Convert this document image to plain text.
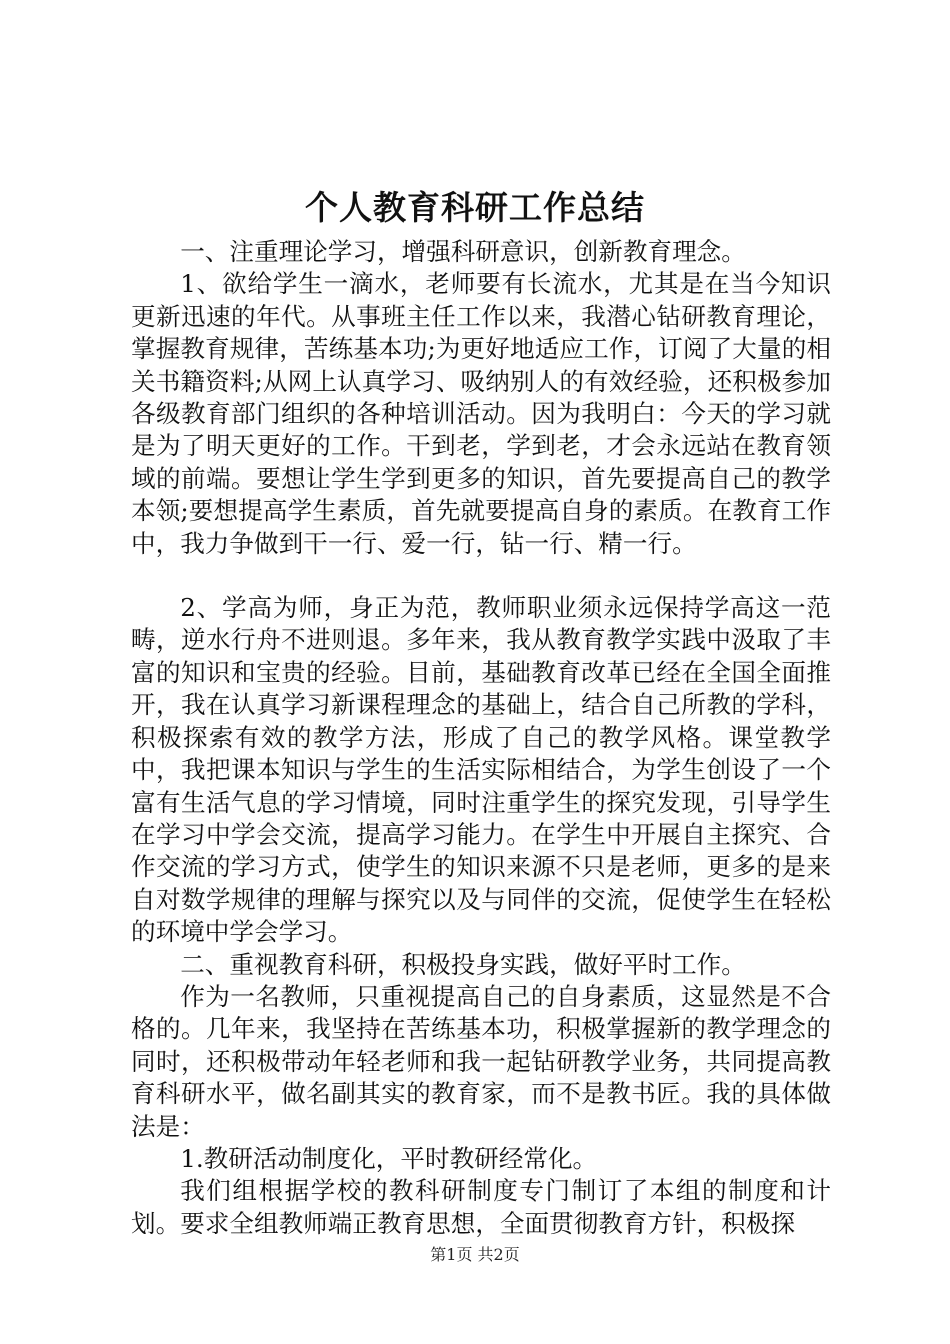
个人教育科研工作总结

一、注重理论学习，增强科研意识，创新教育理念。

1、欲给学生一滴水，老师要有长流水，尤其是在当今知识更新迅速的年代。从事班主任工作以来，我潜心钻研教育理论，掌握教育规律，苦练基本功;为更好地适应工作，订阅了大量的相关书籍资料;从网上认真学习、吸纳别人的有效经验，还积极参加各级教育部门组织的各种培训活动。因为我明白：今天的学习就是为了明天更好的工作。干到老，学到老，才会永远站在教育领域的前端。要想让学生学到更多的知识，首先要提高自己的教学本领;要想提高学生素质，首先就要提高自身的素质。在教育工作中，我力争做到干一行、爱一行，钻一行、精一行。

2、学高为师，身正为范，教师职业须永远保持学高这一范畴，逆水行舟不进则退。多年来，我从教育教学实践中汲取了丰富的知识和宝贵的经验。目前，基础教育改革已经在全国全面推开，我在认真学习新课程理念的基础上，结合自己所教的学科，积极探索有效的教学方法，形成了自己的教学风格。课堂教学中，我把课本知识与学生的生活实际相结合，为学生创设了一个富有生活气息的学习情境，同时注重学生的探究发现，引导学生在学习中学会交流，提高学习能力。在学生中开展自主探究、合作交流的学习方式，使学生的知识来源不只是老师，更多的是来自对数学规律的理解与探究以及与同伴的交流，促使学生在轻松的环境中学会学习。

二、重视教育科研，积极投身实践，做好平时工作。

作为一名教师，只重视提高自己的自身素质，这显然是不合格的。几年来，我坚持在苦练基本功，积极掌握新的教学理念的同时，还积极带动年轻老师和我一起钻研教学业务，共同提高教育科研水平，做名副其实的教育家，而不是教书匠。我的具体做法是：

1.教研活动制度化，平时教研经常化。

我们组根据学校的教科研制度专门制订了本组的制度和计划。要求全组教师端正教育思想，全面贯彻教育方针，积极探

第1页 共2页
